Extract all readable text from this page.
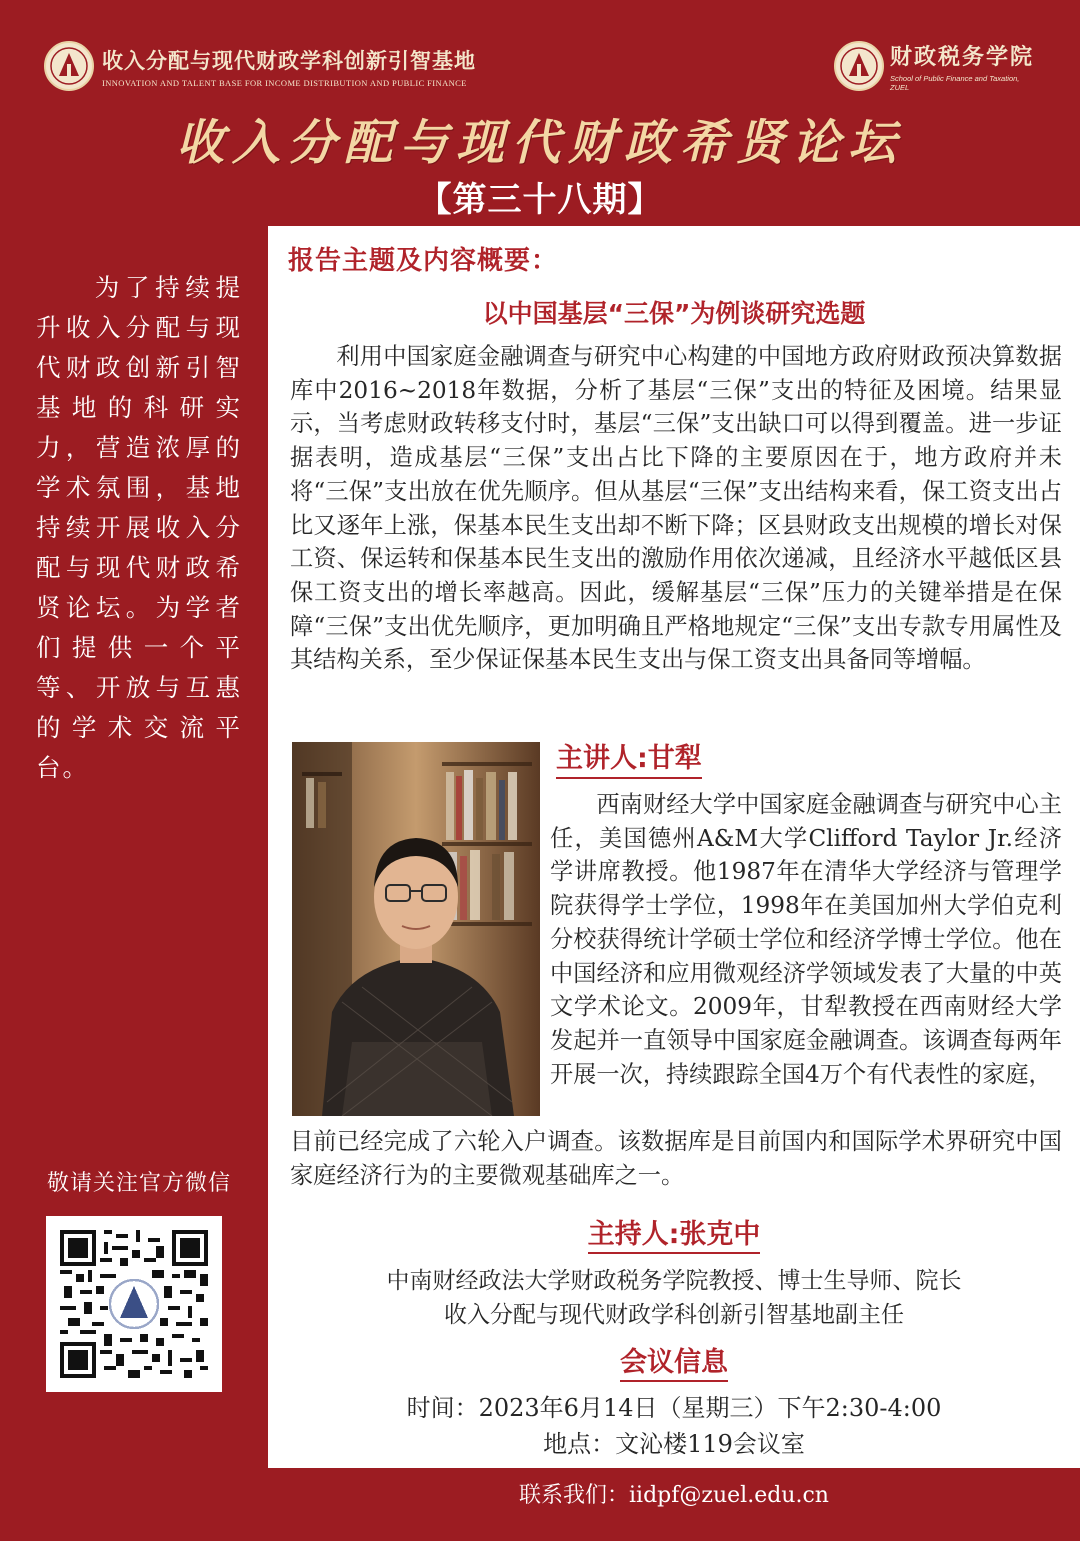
收入分配与现代财政学科创新引智基地
INNOVATION AND TALENT BASE FOR INCOME DISTRIBUTION AND PUBLIC FINANCE
财政税务学院
School of Public Finance and Taxation, ZUEL
收入分配与现代财政希贤论坛
【第三十八期】
为了持续提升收入分配与现代财政创新引智基地的科研实力，营造浓厚的学术氛围，基地持续开展收入分配与现代财政希贤论坛。为学者们提供一个平等、开放与互惠的学术交流平台。
敬请关注官方微信
报告主题及内容概要：
以中国基层“三保”为例谈研究选题
利用中国家庭金融调查与研究中心构建的中国地方政府财政预决算数据库中2016~2018年数据，分析了基层“三保”支出的特征及困境。结果显示，当考虑财政转移支付时，基层“三保”支出缺口可以得到覆盖。进一步证据表明，造成基层“三保”支出占比下降的主要原因在于，地方政府并未将“三保”支出放在优先顺序。但从基层“三保”支出结构来看，保工资支出占比又逐年上涨，保基本民生支出却不断下降；区县财政支出规模的增长对保工资、保运转和保基本民生支出的激励作用依次递减，且经济水平越低区县保工资支出的增长率越高。因此，缓解基层“三保”压力的关键举措是在保障“三保”支出优先顺序，更加明确且严格地规定“三保”支出专款专用属性及其结构关系，至少保证保基本民生支出与保工资支出具备同等增幅。
主讲人:甘犁
西南财经大学中国家庭金融调查与研究中心主任，美国德州A&M大学Clifford Taylor Jr.经济学讲席教授。他1987年在清华大学经济与管理学院获得学士学位，1998年在美国加州大学伯克利分校获得统计学硕士学位和经济学博士学位。他在中国经济和应用微观经济学领域发表了大量的中英文学术论文。2009年，甘犁教授在西南财经大学发起并一直领导中国家庭金融调查。该调查每两年开展一次，持续跟踪全国4万个有代表性的家庭，
目前已经完成了六轮入户调查。该数据库是目前国内和国际学术界研究中国家庭经济行为的主要微观基础库之一。
主持人:张克中
中南财经政法大学财政税务学院教授、博士生导师、院长
收入分配与现代财政学科创新引智基地副主任
会议信息
时间：2023年6月14日（星期三）下午2:30-4:00
地点：文沁楼119会议室
联系我们：iidpf@zuel.edu.cn
